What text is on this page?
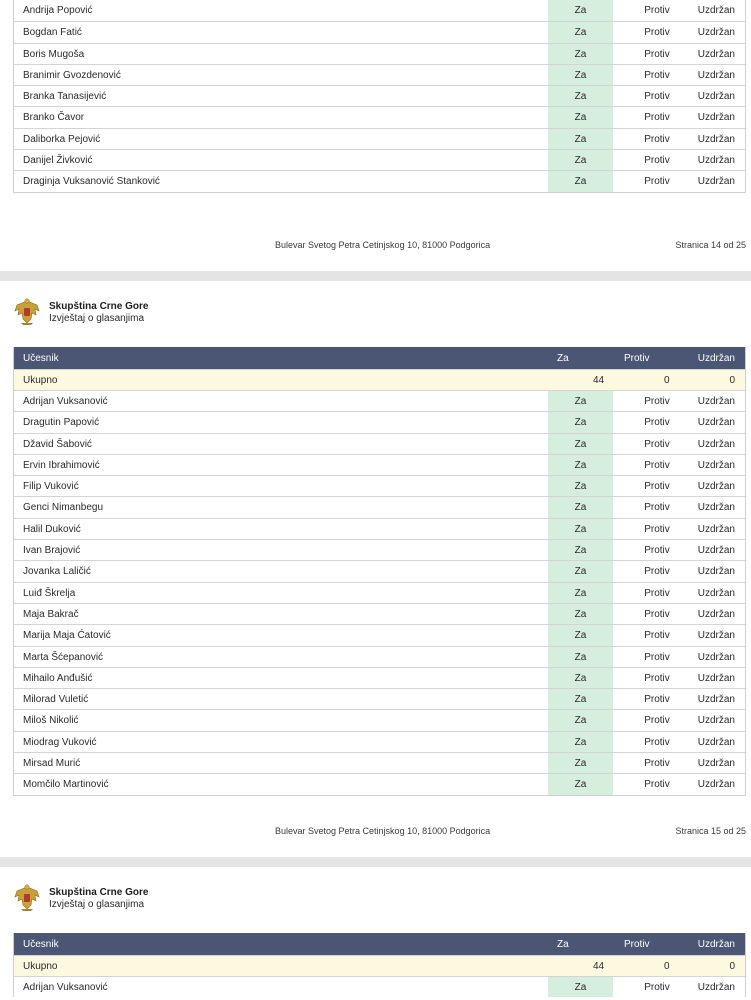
Andrija Popović	Za	Protiv	Uzdržan
Bogdan Fatić	Za	Protiv	Uzdržan
Boris Mugoša	Za	Protiv	Uzdržan
Branimir Gvozdenović	Za	Protiv	Uzdržan
Branka Tanasijević	Za	Protiv	Uzdržan
Branko Čavor	Za	Protiv	Uzdržan
Daliborka Pejović	Za	Protiv	Uzdržan
Danijel Živković	Za	Protiv	Uzdržan
Draginja Vuksanović Stanković	Za	Protiv	Uzdržan
Bulevar Svetog Petra Cetinjskog 10, 81000 Podgorica	Stranica 14 od 25
Skupština Crne Gore
Izvještaj o glasanjima
Učesnik	Za	Protiv	Uzdržan
Ukupno	44	0	0
Adrijan Vuksanović	Za	Protiv	Uzdržan
Dragutin Papović	Za	Protiv	Uzdržan
Džavid Šabović	Za	Protiv	Uzdržan
Ervin Ibrahimović	Za	Protiv	Uzdržan
Filip Vuković	Za	Protiv	Uzdržan
Genci Nimanbegu	Za	Protiv	Uzdržan
Halil Duković	Za	Protiv	Uzdržan
Ivan Brajović	Za	Protiv	Uzdržan
Jovanka Laličić	Za	Protiv	Uzdržan
Luiđ Škrelja	Za	Protiv	Uzdržan
Maja Bakrač	Za	Protiv	Uzdržan
Marija Maja Ćatović	Za	Protiv	Uzdržan
Marta Šćepanović	Za	Protiv	Uzdržan
Mihailo Anđušić	Za	Protiv	Uzdržan
Milorad Vuletić	Za	Protiv	Uzdržan
Miloš Nikolić	Za	Protiv	Uzdržan
Miodrag Vuković	Za	Protiv	Uzdržan
Mirsad Murić	Za	Protiv	Uzdržan
Momčilo Martinović	Za	Protiv	Uzdržan
Bulevar Svetog Petra Cetinjskog 10, 81000 Podgorica	Stranica 15 od 25
Skupština Crne Gore
Izvještaj o glasanjima
Učesnik	Za	Protiv	Uzdržan
Ukupno	44	0	0
Adrijan Vuksanović	Za	Protiv	Uzdržan
